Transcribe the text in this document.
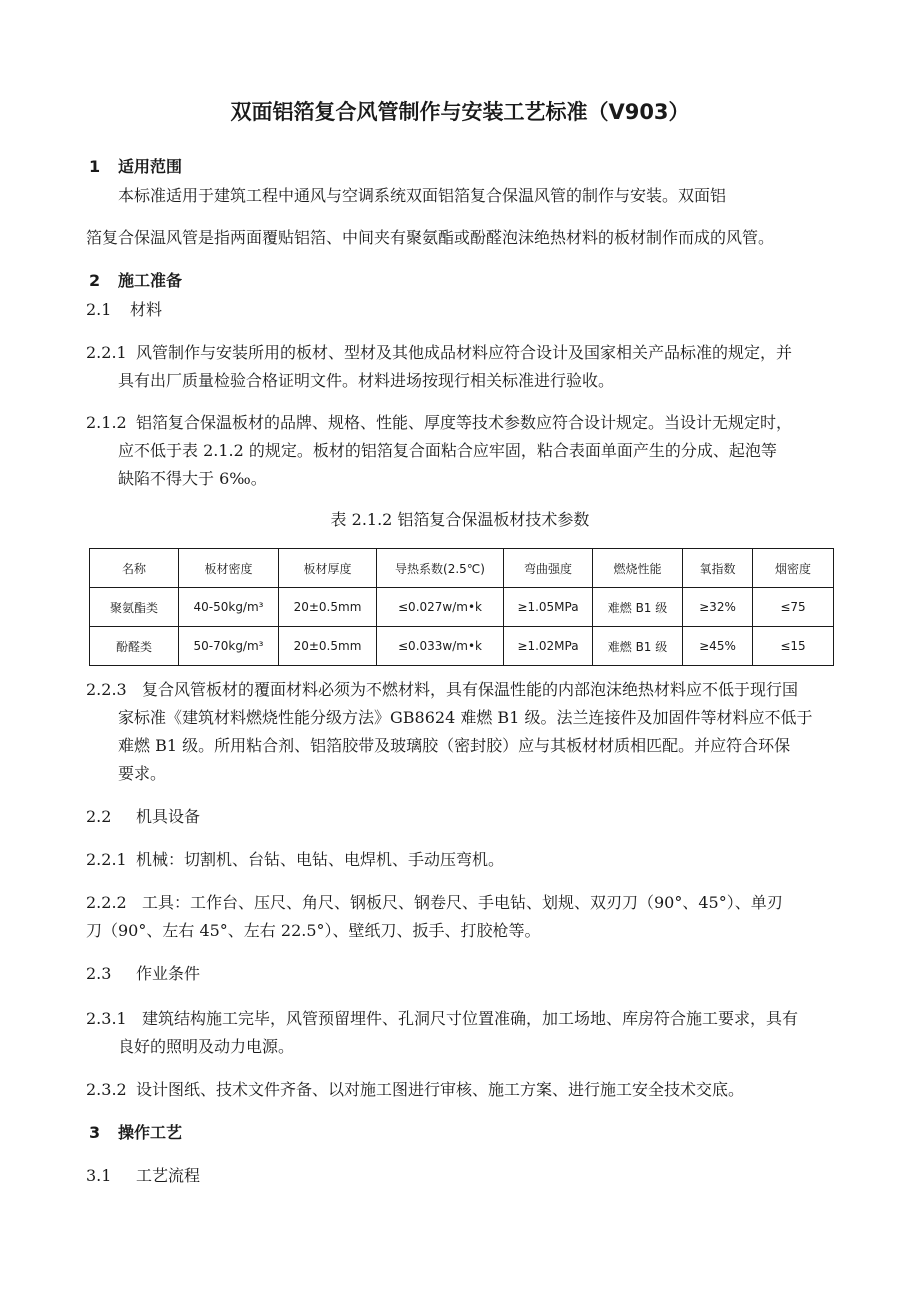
双面铝箔复合风管制作与安装工艺标准（V903）
1 适用范围
本标准适用于建筑工程中通风与空调系统双面铝箔复合保温风管的制作与安装。双面铝
箔复合保温风管是指两面覆贴铝箔、中间夹有聚氨酯或酚醛泡沫绝热材料的板材制作而成的风管。
2 施工准备
2.1 材料
2.2.1 风管制作与安装所用的板材、型材及其他成品材料应符合设计及国家相关产品标准的规定，并
具有出厂质量检验合格证明文件。材料进场按现行相关标准进行验收。
2.1.2 铝箔复合保温板材的品牌、规格、性能、厚度等技术参数应符合设计规定。当设计无规定时，
应不低于表 2.1.2 的规定。板材的铝箔复合面粘合应牢固，粘合表面单面产生的分成、起泡等
缺陷不得大于 6‰。
表 2.1.2 铝箔复合保温板材技术参数
名称	板材密度	板材厚度	导热系数(2.5℃)	弯曲强度	燃烧性能	氧指数	烟密度
聚氨酯类	40-50kg/m³	20±0.5mm	≤0.027w/m•k	≥1.05MPa	难燃 B1 级	≥32%	≤75
酚醛类	50-70kg/m³	20±0.5mm	≤0.033w/m•k	≥1.02MPa	难燃 B1 级	≥45%	≤15
2.2.3 复合风管板材的覆面材料必须为不燃材料，具有保温性能的内部泡沫绝热材料应不低于现行国
家标准《建筑材料燃烧性能分级方法》GB8624 难燃 B1 级。法兰连接件及加固件等材料应不低于
难燃 B1 级。所用粘合剂、铝箔胶带及玻璃胶（密封胶）应与其板材材质相匹配。并应符合环保
要求。
2.2 机具设备
2.2.1 机械：切割机、台钻、电钻、电焊机、手动压弯机。
2.2.2 工具：工作台、压尺、角尺、钢板尺、钢卷尺、手电钻、划规、双刃刀（90°、45°）、单刃
刀（90°、左右 45°、左右 22.5°）、壁纸刀、扳手、打胶枪等。
2.3 作业条件
2.3.1 建筑结构施工完毕，风管预留埋件、孔洞尺寸位置准确，加工场地、库房符合施工要求，具有
良好的照明及动力电源。
2.3.2 设计图纸、技术文件齐备、以对施工图进行审核、施工方案、进行施工安全技术交底。
3 操作工艺
3.1 工艺流程
